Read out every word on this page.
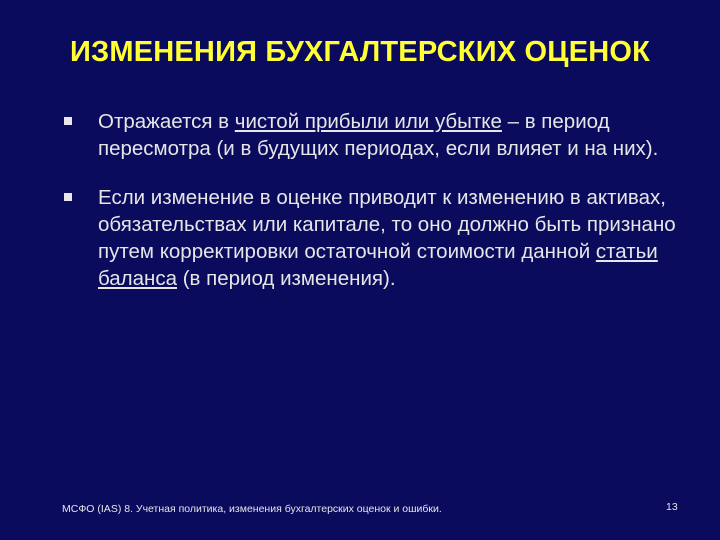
ИЗМЕНЕНИЯ БУХГАЛТЕРСКИХ ОЦЕНОК
Отражается в чистой прибыли или убытке – в период пересмотра (и в будущих периодах, если влияет и на них).
Если изменение в оценке приводит к изменению в активах, обязательствах или капитале, то оно должно быть признано путем корректировки остаточной стоимости данной статьи баланса (в период изменения).
МСФО (IAS) 8. Учетная политика, изменения бухгалтерских оценок и ошибки.	13
